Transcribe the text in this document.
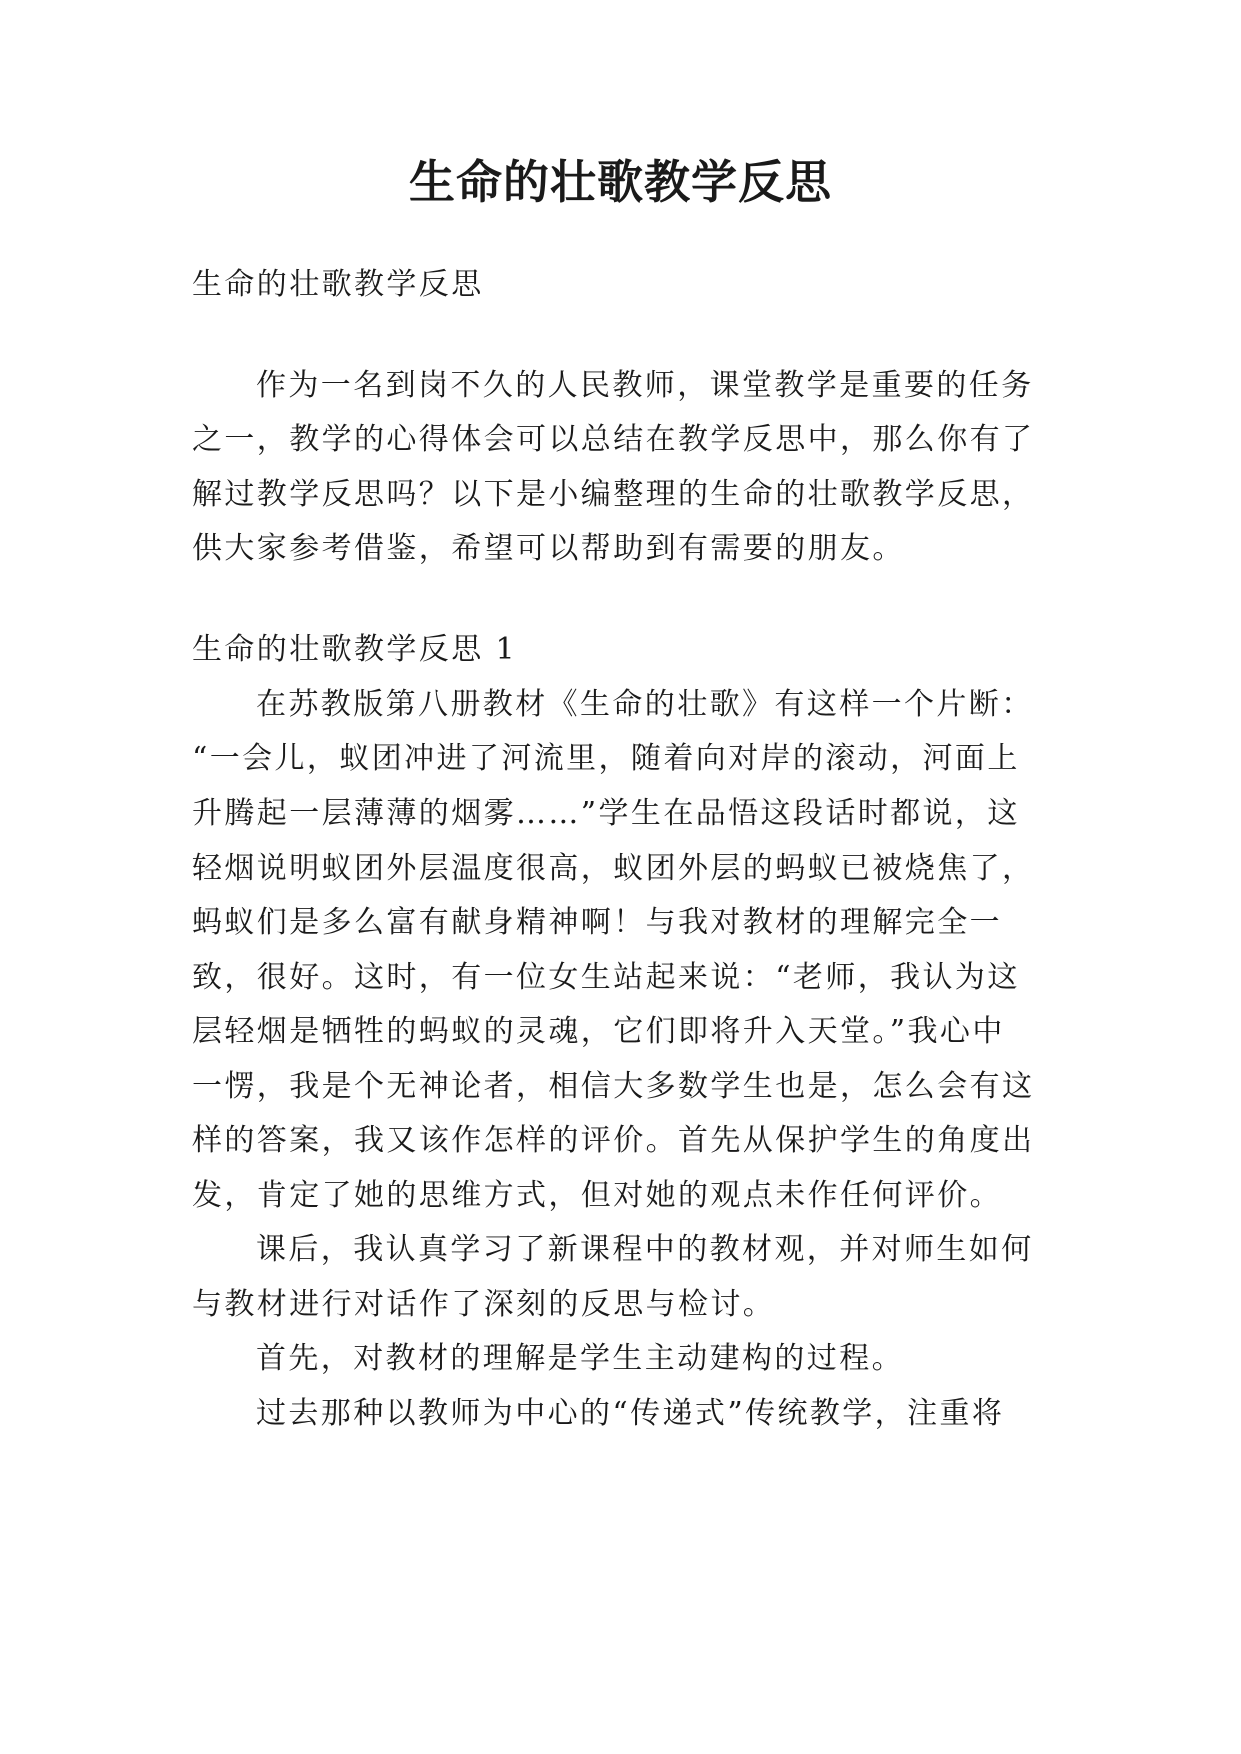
生命的壮歌教学反思
生命的壮歌教学反思
作为一名到岗不久的人民教师，课堂教学是重要的任务
之一，教学的心得体会可以总结在教学反思中，那么你有了
解过教学反思吗？以下是小编整理的生命的壮歌教学反思，
供大家参考借鉴，希望可以帮助到有需要的朋友。
生命的壮歌教学反思 1
在苏教版第八册教材《生命的壮歌》有这样一个片断：
“一会儿，蚁团冲进了河流里，随着向对岸的滚动，河面上
升腾起一层薄薄的烟雾……”学生在品悟这段话时都说，这
轻烟说明蚁团外层温度很高，蚁团外层的蚂蚁已被烧焦了，
蚂蚁们是多么富有献身精神啊！与我对教材的理解完全一
致，很好。这时，有一位女生站起来说：“老师，我认为这
层轻烟是牺牲的蚂蚁的灵魂，它们即将升入天堂。”我心中
一愣，我是个无神论者，相信大多数学生也是，怎么会有这
样的答案，我又该作怎样的评价。首先从保护学生的角度出
发，肯定了她的思维方式，但对她的观点未作任何评价。
课后，我认真学习了新课程中的教材观，并对师生如何
与教材进行对话作了深刻的反思与检讨。
首先，对教材的理解是学生主动建构的过程。
过去那种以教师为中心的“传递式”传统教学，注重将
